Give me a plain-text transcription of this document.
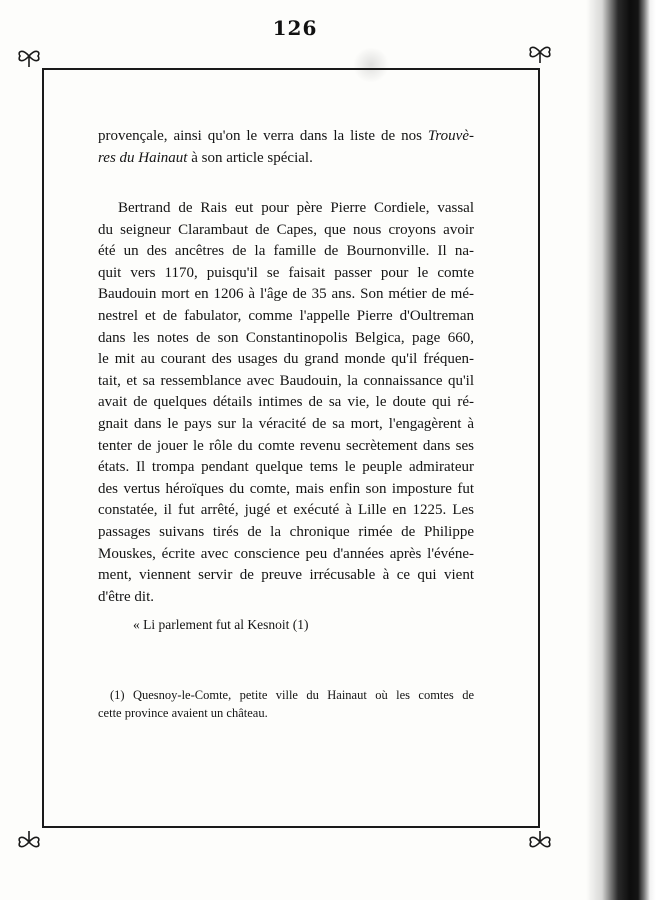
126
provençale, ainsi qu'on le verra dans la liste de nos Trouvè-
res du Hainaut à son article spécial.
Bertrand de Rais eut pour père Pierre Cordiele, vassal
du seigneur Clarambaut de Capes, que nous croyons avoir
été un des ancêtres de la famille de Bournonville. Il na-
quit vers 1170, puisqu'il se faisait passer pour le comte
Baudouin mort en 1206 à l'âge de 35 ans. Son métier de mé-
nestrel et de fabulator, comme l'appelle Pierre d'Oultreman
dans les notes de son Constantinopolis Belgica, page 660,
le mit au courant des usages du grand monde qu'il fréquen-
tait, et sa ressemblance avec Baudouin, la connaissance qu'il
avait de quelques détails intimes de sa vie, le doute qui ré-
gnait dans le pays sur la véracité de sa mort, l'engagèrent à
tenter de jouer le rôle du comte revenu secrètement dans ses
états. Il trompa pendant quelque tems le peuple admirateur
des vertus héroïques du comte, mais enfin son imposture fut
constatée, il fut arrêté, jugé et exécuté à Lille en 1225. Les
passages suivans tirés de la chronique rimée de Philippe
Mouskes, écrite avec conscience peu d'années après l'événe-
ment, viennent servir de preuve irrécusable à ce qui vient
d'être dit.
« Li parlement fut al Kesnoit (1)
(1) Quesnoy-le-Comte, petite ville du Hainaut où les comtes de
cette province avaient un château.
